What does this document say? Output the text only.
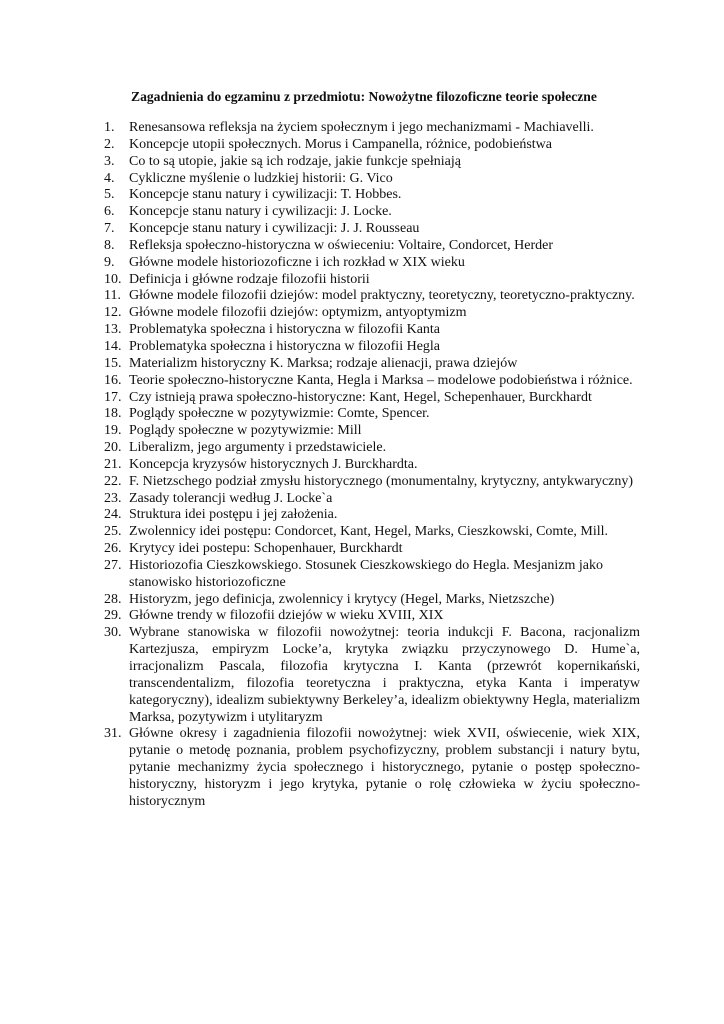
Zagadnienia do egzaminu z przedmiotu: Nowożytne filozoficzne teorie społeczne
1.	Renesansowa refleksja na życiem społecznym i jego mechanizmami - Machiavelli.
2.	Koncepcje utopii społecznych. Morus i Campanella, różnice, podobieństwa
3.	Co to są utopie, jakie są ich rodzaje, jakie funkcje spełniają
4.	Cykliczne myślenie o ludzkiej historii: G. Vico
5.	Koncepcje stanu natury i cywilizacji: T. Hobbes.
6.	Koncepcje stanu natury i cywilizacji: J. Locke.
7.	Koncepcje stanu natury i cywilizacji: J. J. Rousseau
8.	Refleksja społeczno-historyczna w oświeceniu: Voltaire, Condorcet, Herder
9.	Główne modele historiozoficzne i ich rozkład w XIX wieku
10. Definicja i główne rodzaje filozofii historii
11. Główne modele filozofii dziejów: model praktyczny, teoretyczny, teoretyczno-praktyczny.
12. Główne modele filozofii dziejów: optymizm, antyoptymizm
13. Problematyka społeczna i historyczna w filozofii Kanta
14. Problematyka społeczna i historyczna w filozofii Hegla
15. Materializm historyczny K. Marksa; rodzaje alienacji, prawa dziejów
16. Teorie społeczno-historyczne Kanta, Hegla i Marksa – modelowe podobieństwa i różnice.
17. Czy istnieją prawa społeczno-historyczne: Kant, Hegel, Schepenhauer, Burckhardt
18. Poglądy społeczne w pozytywizmie: Comte, Spencer.
19. Poglądy społeczne w pozytywizmie: Mill
20. Liberalizm, jego argumenty i przedstawiciele.
21. Koncepcja kryzysów historycznych J. Burckhardta.
22. F. Nietzschego podział zmysłu historycznego (monumentalny, krytyczny, antykwaryczny)
23. Zasady tolerancji według J. Locke`a
24. Struktura idei postępu i jej założenia.
25. Zwolennicy idei postępu: Condorcet, Kant, Hegel, Marks, Cieszkowski, Comte, Mill.
26. Krytycy idei postepu: Schopenhauer, Burckhardt
27. Historiozofia Cieszkowskiego. Stosunek Cieszkowskiego do Hegla. Mesjanizm jako stanowisko historiozoficzne
28. Historyzm, jego definicja, zwolennicy i krytycy (Hegel, Marks, Nietzszche)
29. Główne trendy w filozofii dziejów w wieku XVIII, XIX
30. Wybrane stanowiska w filozofii nowożytnej: teoria indukcji F. Bacona, racjonalizm Kartezjusza, empiryzm Locke’a, krytyka związku przyczynowego D. Hume`a, irracjonalizm Pascala, filozofia krytyczna I. Kanta (przewrót kopernikański, transcendentalizm, filozofia teoretyczna i praktyczna, etyka Kanta i imperatyw kategoryczny), idealizm subiektywny Berkeley’a, idealizm obiektywny Hegla, materializm Marksa, pozytywizm i utylitaryzm
31. Główne okresy i zagadnienia filozofii nowożytnej: wiek XVII, oświecenie, wiek XIX, pytanie o metodę poznania, problem psychofizyczny, problem substancji i natury bytu, pytanie mechanizmy życia społecznego i historycznego, pytanie o postęp społeczno-historyczny, historyzm i jego krytyka, pytanie o rolę człowieka w życiu społeczno-historycznym
